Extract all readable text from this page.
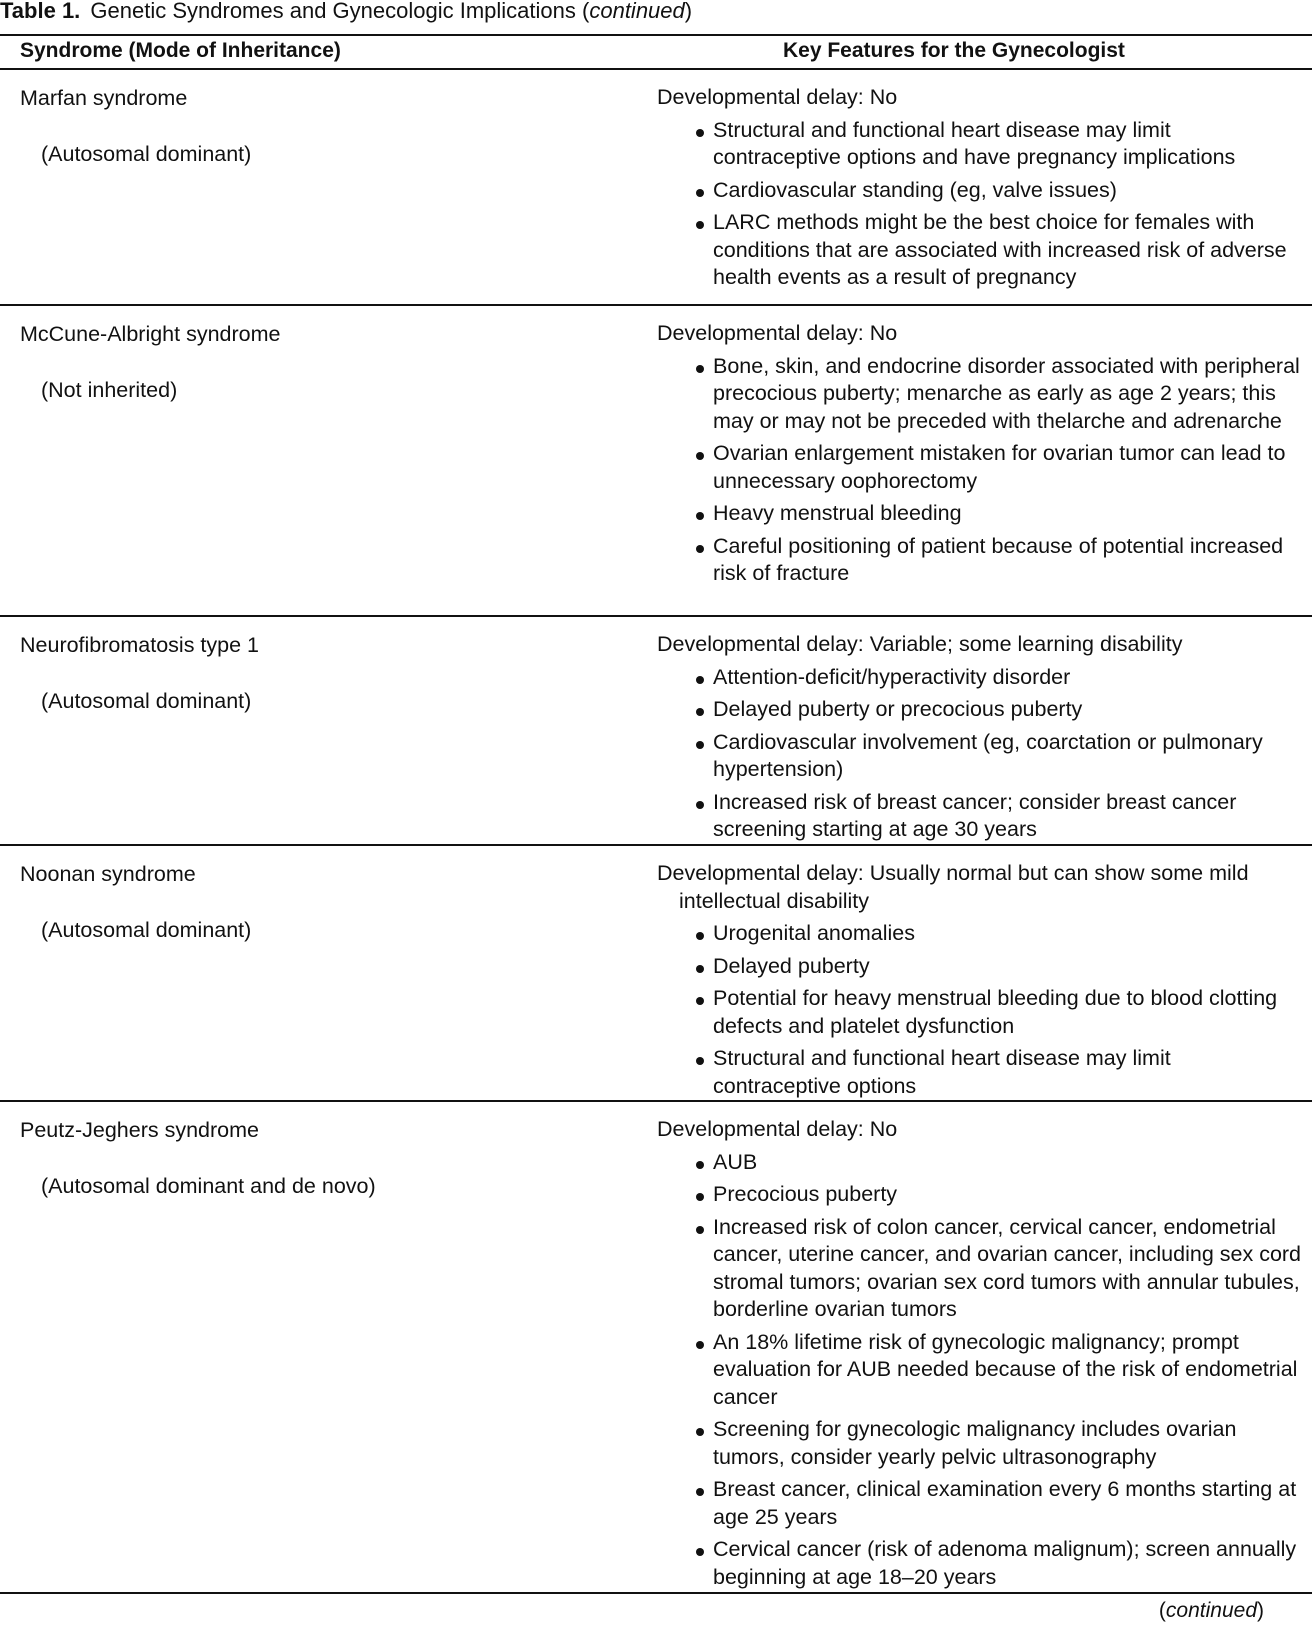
Table 1. Genetic Syndromes and Gynecologic Implications (continued)
Syndrome (Mode of Inheritance)	Key Features for the Gynecologist
Marfan syndrome
(Autosomal dominant)
Developmental delay: No
Structural and functional heart disease may limit contraceptive options and have pregnancy implications
Cardiovascular standing (eg, valve issues)
LARC methods might be the best choice for females with conditions that are associated with increased risk of adverse health events as a result of pregnancy
McCune-Albright syndrome
(Not inherited)
Developmental delay: No
Bone, skin, and endocrine disorder associated with peripheral precocious puberty; menarche as early as age 2 years; this may or may not be preceded with thelarche and adrenarche
Ovarian enlargement mistaken for ovarian tumor can lead to unnecessary oophorectomy
Heavy menstrual bleeding
Careful positioning of patient because of potential increased risk of fracture
Neurofibromatosis type 1
(Autosomal dominant)
Developmental delay: Variable; some learning disability
Attention-deficit/hyperactivity disorder
Delayed puberty or precocious puberty
Cardiovascular involvement (eg, coarctation or pulmonary hypertension)
Increased risk of breast cancer; consider breast cancer screening starting at age 30 years
Noonan syndrome
(Autosomal dominant)
Developmental delay: Usually normal but can show some mild intellectual disability
Urogenital anomalies
Delayed puberty
Potential for heavy menstrual bleeding due to blood clotting defects and platelet dysfunction
Structural and functional heart disease may limit contraceptive options
Peutz-Jeghers syndrome
(Autosomal dominant and de novo)
Developmental delay: No
AUB
Precocious puberty
Increased risk of colon cancer, cervical cancer, endometrial cancer, uterine cancer, and ovarian cancer, including sex cord stromal tumors; ovarian sex cord tumors with annular tubules, borderline ovarian tumors
An 18% lifetime risk of gynecologic malignancy; prompt evaluation for AUB needed because of the risk of endometrial cancer
Screening for gynecologic malignancy includes ovarian tumors, consider yearly pelvic ultrasonography
Breast cancer, clinical examination every 6 months starting at age 25 years
Cervical cancer (risk of adenoma malignum); screen annually beginning at age 18–20 years
(continued)
